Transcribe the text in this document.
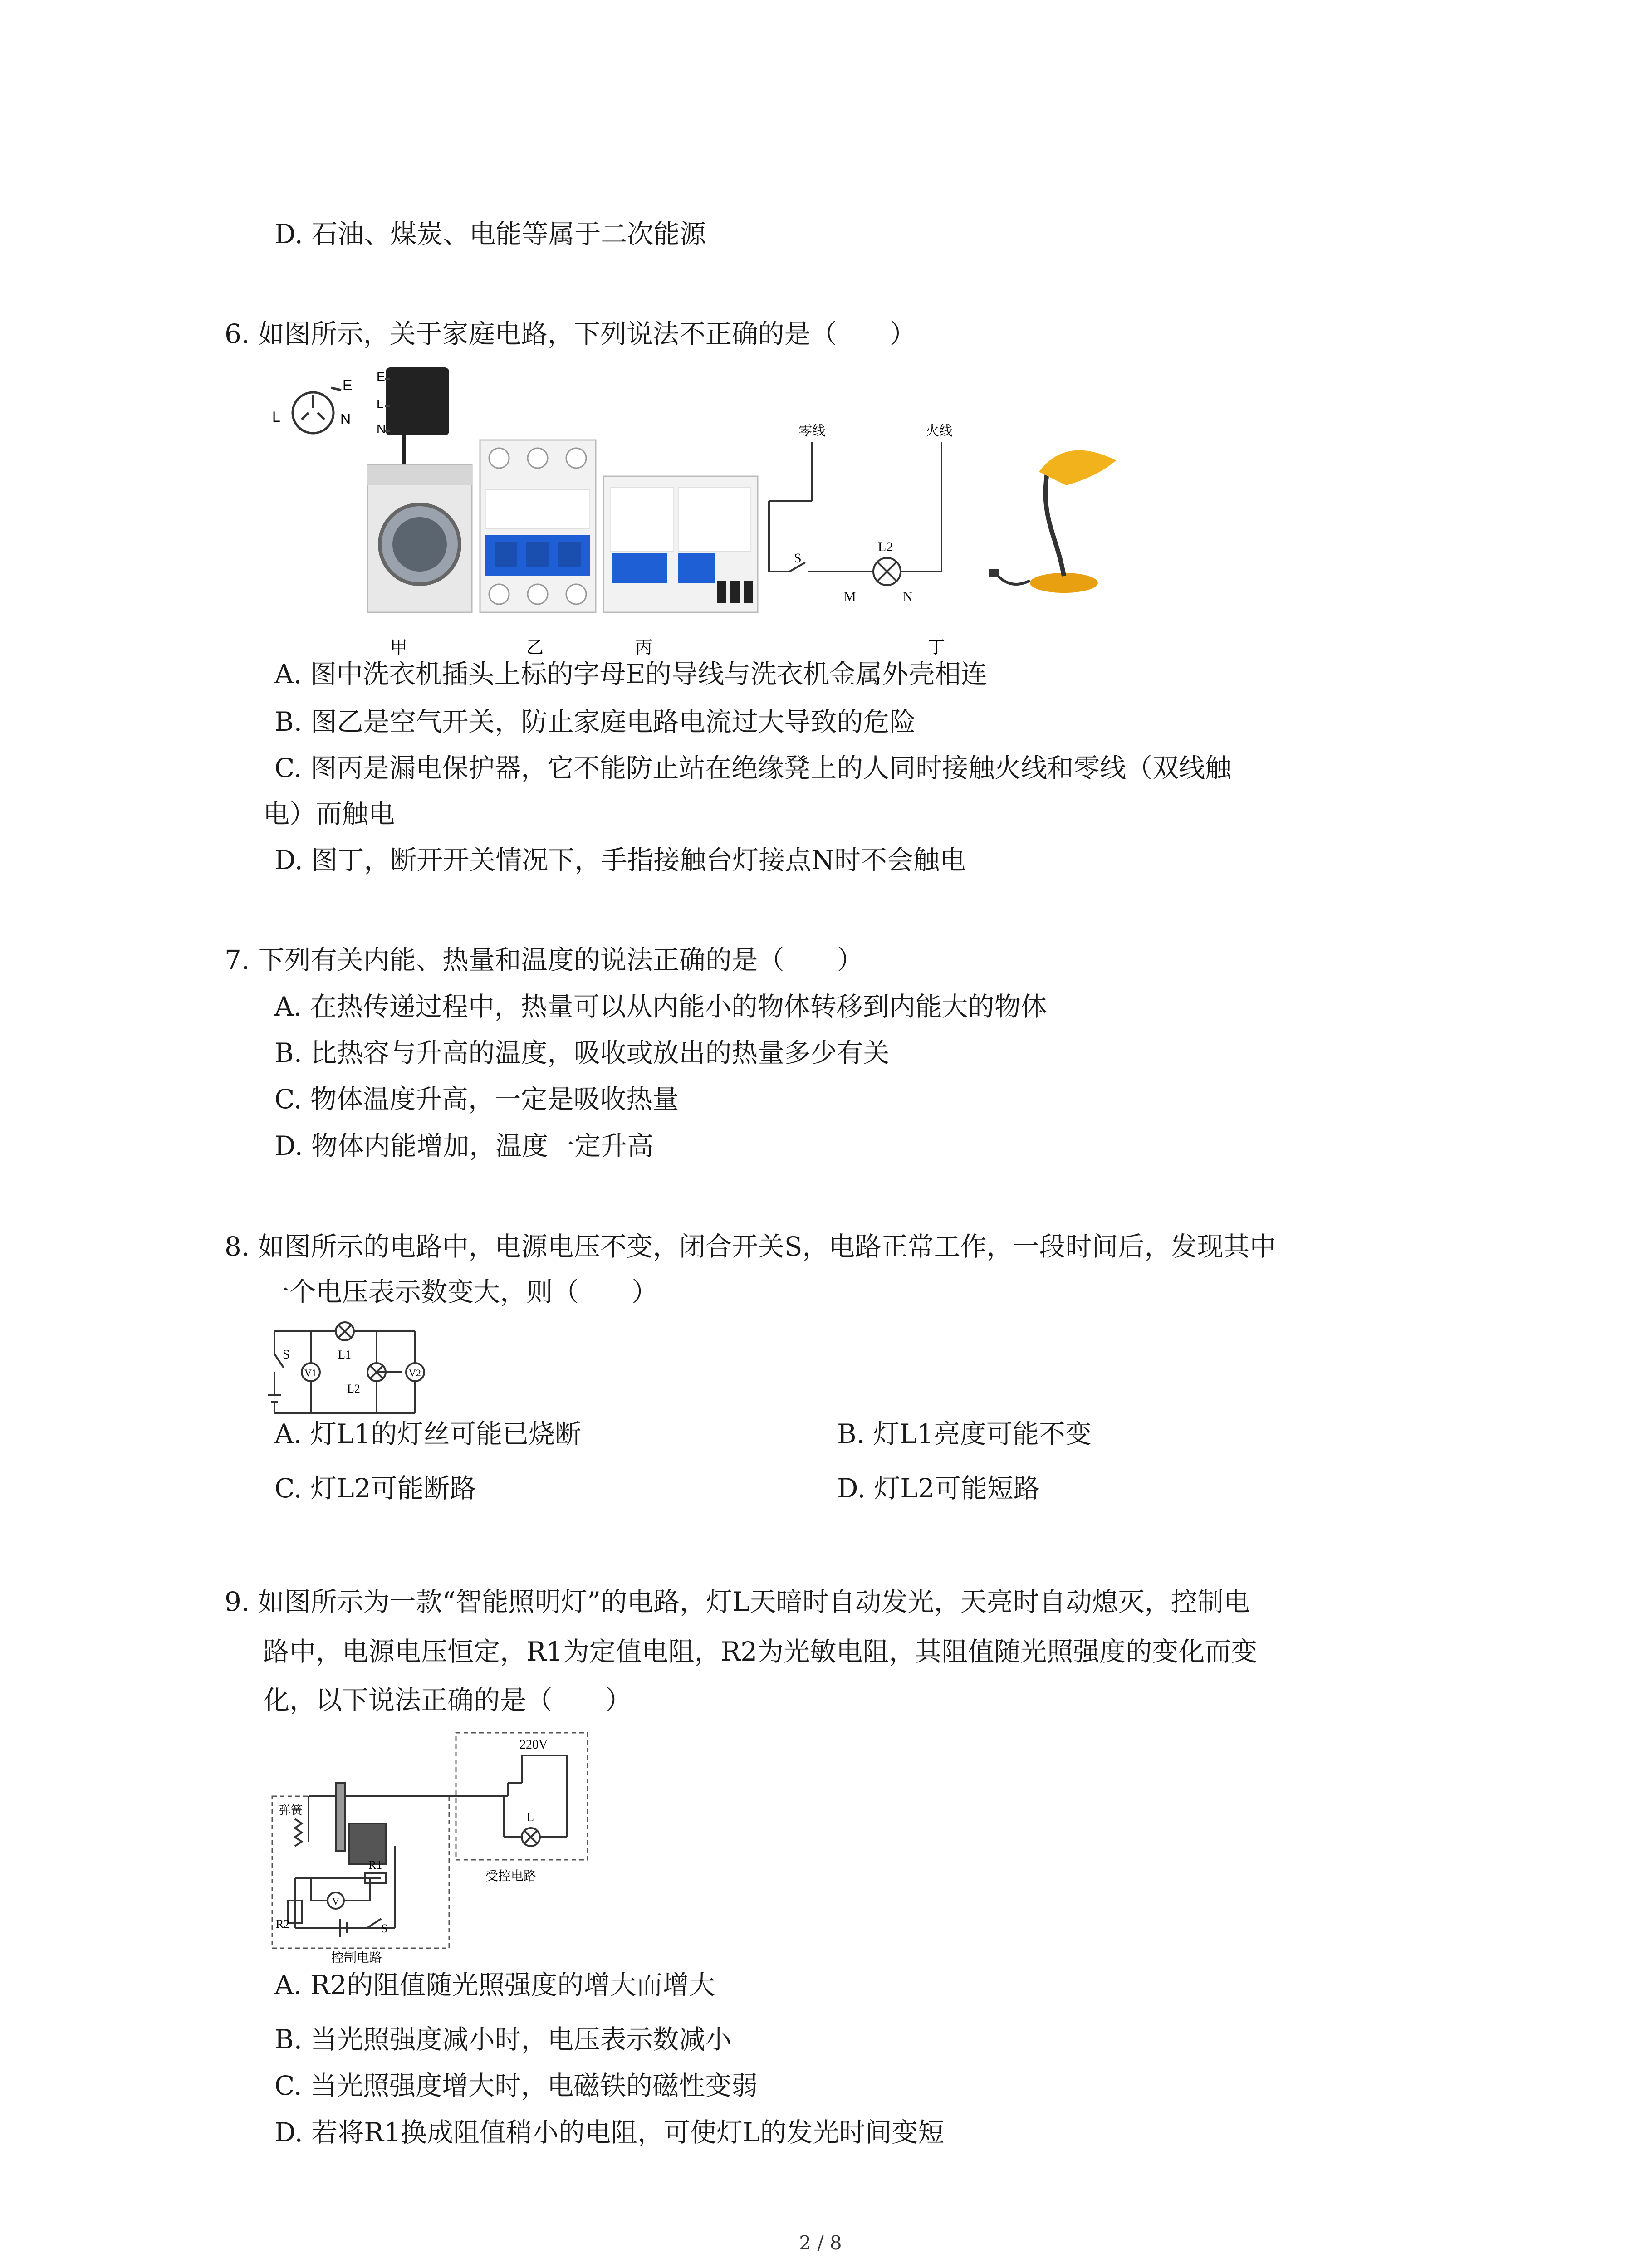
D. 石油、煤炭、电能等属于二次能源
6. 如图所示，关于家庭电路，下列说法不正确的是（　　）
E
L	N
E
L
N	零线	火线
S
L2
M	N
甲	乙	丙	丁
A. 图中洗衣机插头上标的字母E的导线与洗衣机金属外壳相连
B. 图乙是空气开关，防止家庭电路电流过大导致的危险
C. 图丙是漏电保护器，它不能防止站在绝缘凳上的人同时接触火线和零线（双线触
电）而触电
D. 图丁，断开开关情况下，手指接触台灯接点N时不会触电
7. 下列有关内能、热量和温度的说法正确的是（　　）
A. 在热传递过程中，热量可以从内能小的物体转移到内能大的物体
B. 比热容与升高的温度，吸收或放出的热量多少有关
C. 物体温度升高，一定是吸收热量
D. 物体内能增加，温度一定升高
8. 如图所示的电路中，电源电压不变，闭合开关S，电路正常工作，一段时间后，发现其中
一个电压表示数变大，则（　　）
S
V1	V2
L1
L2
A. 灯L1的灯丝可能已烧断	B. 灯L1亮度可能不变
C. 灯L2可能断路	D. 灯L2可能短路
9. 如图所示为一款“智能照明灯”的电路，灯L天暗时自动发光，天亮时自动熄灭，控制电
路中，电源电压恒定，R1为定值电阻，R2为光敏电阻，其阻值随光照强度的变化而变
化，以下说法正确的是（　　）
220V
L
弹簧
R1
R2	S
V
受控电路
控制电路
A. R2的阻值随光照强度的增大而增大
B. 当光照强度减小时，电压表示数减小
C. 当光照强度增大时，电磁铁的磁性变弱
D. 若将R1换成阻值稍小的电阻，可使灯L的发光时间变短
2 / 8
